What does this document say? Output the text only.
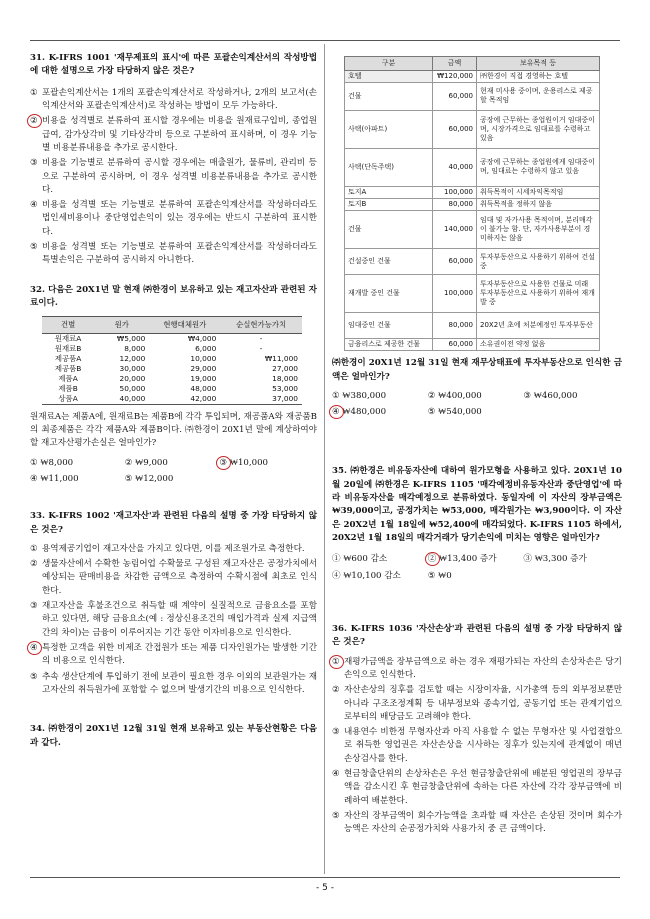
31. K-IFRS 1001 '재무제표의 표시'에 따른 포괄손익계산서의 작성방법에 대한 설명으로 가장 타당하지 않은 것은?
① 포괄손익계산서는 1개의 포괄손익계산서로 작성하거나, 2개의 보고서(손익계산서와 포괄손익계산서)로 작성하는 방법이 모두 가능하다.
② 비용을 성격별로 분류하여 표시할 경우에는 비용을 원재료구입비, 종업원급여, 감가상각비 및 기타상각비 등으로 구분하여 표시하며, 이 경우 기능별 비용분류내용을 추가로 공시한다.
③ 비용을 기능별로 분류하여 공시할 경우에는 매출원가, 물류비, 관리비 등으로 구분하여 공시하며, 이 경우 성격별 비용분류내용을 추가로 공시한다.
④ 비용을 성격별 또는 기능별로 분류하여 포괄손익계산서를 작성하더라도 법인세비용이나 중단영업손익이 있는 경우에는 반드시 구분하여 표시한다.
⑤ 비용을 성격별 또는 기능별로 분류하여 포괄손익계산서를 작성하더라도 특별손익은 구분하여 공시하지 아니한다.
32. 다음은 20X1년 말 현재 ㈜한경이 보유하고 있는 재고자산과 관련된 자료이다.
건별	원가	현행대체원가	순실현가능가치
원재료A	₩5,000	₩4,000	-
원재료B	8,000	6,000	-
제공품A	12,000	10,000	₩11,000
제공품B	30,000	29,000	27,000
제품A	20,000	19,000	18,000
제품B	50,000	48,000	53,000
상품A	40,000	42,000	37,000
원재료A는 제품A에, 원재료B는 제품B에 각각 투입되며, 재공품A와 재공품B의 최종제품은 각각 제품A와 제품B이다. ㈜한경이 20X1년 말에 계상하여야 할 재고자산평가손실은 얼마인가?
① ₩8,000	② ₩9,000	③ ₩10,000
④ ₩11,000	⑤ ₩12,000
33. K-IFRS 1002 '재고자산'과 관련된 다음의 설명 중 가장 타당하지 않은 것은?
① 용역제공기업이 재고자산을 가지고 있다면, 이를 제조원가로 측정한다.
② 생물자산에서 수확한 농림어업 수확물로 구성된 재고자산은 공정가치에서 예상되는 판매비용을 차감한 금액으로 측정하여 수확시점에 최초로 인식한다.
③ 재고자산을 후불조건으로 취득할 때 계약이 실질적으로 금융요소를 포함하고 있다면, 해당 금융요소(예 : 정상신용조건의 매입가격과 실제 지급액 간의 차이)는 금융이 이루어지는 기간 동안 이자비용으로 인식한다.
④ 특정한 고객을 위한 비제조 간접원가 또는 제품 디자인원가는 발생한 기간의 비용으로 인식한다.
⑤ 추속 생산단계에 투입하기 전에 보관이 필요한 경우 이외의 보관원가는 재고자산의 취득원가에 포함할 수 없으며 발생기간의 비용으로 인식한다.
34. ㈜한경이 20X1년 12월 31일 현재 보유하고 있는 부동산현황은 다음과 같다.
구분	금액	보유목적 등
호텔	₩120,000	㈜한경이 직접 경영하는 호텔
건물	60,000	현재 미사용 중이며, 운용리스로 제공할 목적임
사택(아파트)	60,000	공장에 근무하는 종업원이거 임대중이며, 시장가격으로 임대료를 수령하고 있음
사택(단독주택)	40,000	공장에 근무하는 종업원에게 임대중이며, 임대료는 수령하지 않고 있음
토지A	100,000	취득목적이 시세차익목적임
토지B	80,000	취득목적을 정하지 않음
건물	140,000	임대 및 자가사용 목적이며, 분리매각이 불가능 함. 단, 자가사용부분이 경미하지는 않음
건설중인 건물	60,000	투자부동산으로 사용하기 위하여 건설중
재개발 중인 건물	100,000	투자부동산으로 사용한 건물로 미래 투자부동산으로 사용하기 위하여 재개발 중
임대중인 건물	80,000	20X2년 초에 처분예정인 투자부동산
금융리스로 제공한 건물	60,000	소유권이전 약정 없음
㈜한경이 20X1년 12월 31일 현재 재무상태표에 투자부동산으로 인식한 금액은 얼마인가?
① ₩380,000	② ₩400,000	③ ₩460,000
④ ₩480,000	⑤ ₩540,000
35. ㈜한경은 비유동자산에 대하여 원가모형을 사용하고 있다. 20X1년 10월 20일에 ㈜한경은 K-IFRS 1105 '매각예정비유동자산과 중단영업'에 따라 비유동자산을 매각예정으로 분류하였다. 동일자에 이 자산의 장부금액은 ₩39,000이고, 공정가치는 ₩53,000, 매각원가는 ₩3,900이다. 이 자산은 20X2년 1월 18일에 ₩52,400에 매각되었다. K-IFRS 1105 하에서, 20X2년 1월 18일의 매각거래가 당기손익에 미치는 영향은 얼마인가?
① ₩600 감소	② ₩13,400 증가	③ ₩3,300 증가
④ ₩10,100 감소	⑤ ₩0
36. K-IFRS 1036 '자산손상'과 관련된 다음의 설명 중 가장 타당하지 않은 것은?
① 재평가금액을 장부금액으로 하는 경우 재평가되는 자산의 손상차손은 당기손익으로 인식한다.
② 자산손상의 징후를 검토할 때는 시장이자율, 시가총액 등의 외부정보뿐만 아니라 구조조정계획 등 내부정보와 종속기업, 공동기업 또는 관계기업으로부터의 배당금도 고려해야 한다.
③ 내용연수 비한정 무형자산과 아직 사용할 수 없는 무형자산 및 사업결합으로 취득한 영업권은 자산손상을 시사하는 징후가 있는지에 관계없이 매년 손상검사를 한다.
④ 현금창출단위의 손상차손은 우선 현금창출단위에 배분된 영업권의 장부금액을 감소시킨 후 현금창출단위에 속하는 다른 자산에 각각 장부금액에 비례하여 배분한다.
⑤ 자산의 장부금액이 회수가능액을 초과할 때 자산은 손상된 것이며 회수가능액은 자산의 순공정가치와 사용가치 중 큰 금액이다.
- 5 -
